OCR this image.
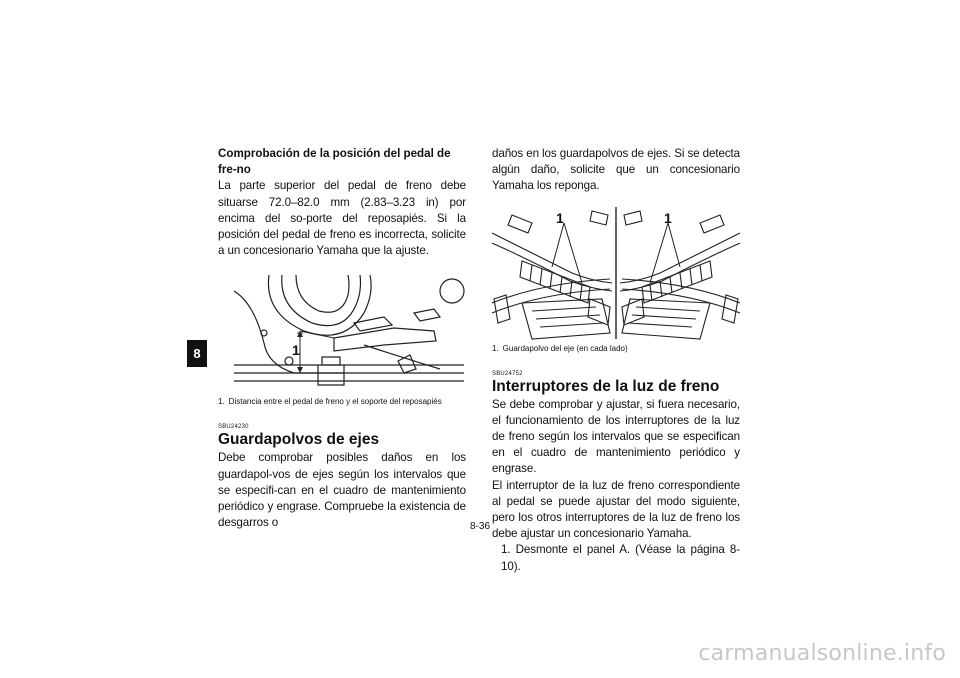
8
Comprobación de la posición del pedal de fre-no
La parte superior del pedal de freno debe situarse 72.0–82.0 mm (2.83–3.23 in) por encima del so-porte del reposapiés. Si la posición del pedal de freno es incorrecta, solicite a un concesionario Yamaha que la ajuste.
1
1. Distancia entre el pedal de freno y el soporte del reposapiés
SBU24230
Guardapolvos de ejes
Debe comprobar posibles daños en los guardapol-vos de ejes según los intervalos que se especifi-can en el cuadro de mantenimiento periódico y engrase. Compruebe la existencia de desgarros o
daños en los guardapolvos de ejes. Si se detecta algún daño, solicite que un concesionario Yamaha los reponga.
1	1
1. Guardapolvo del eje (en cada lado)
SBU24752
Interruptores de la luz de freno
Se debe comprobar y ajustar, si fuera necesario, el funcionamiento de los interruptores de la luz de freno según los intervalos que se especifican en el cuadro de mantenimiento periódico y engrase.
El interruptor de la luz de freno correspondiente al pedal se puede ajustar del modo siguiente, pero los otros interruptores de la luz de freno los debe ajustar un concesionario Yamaha.
1. Desmonte el panel A. (Véase la página 8-10).
8-36
carmanualsonline.info
